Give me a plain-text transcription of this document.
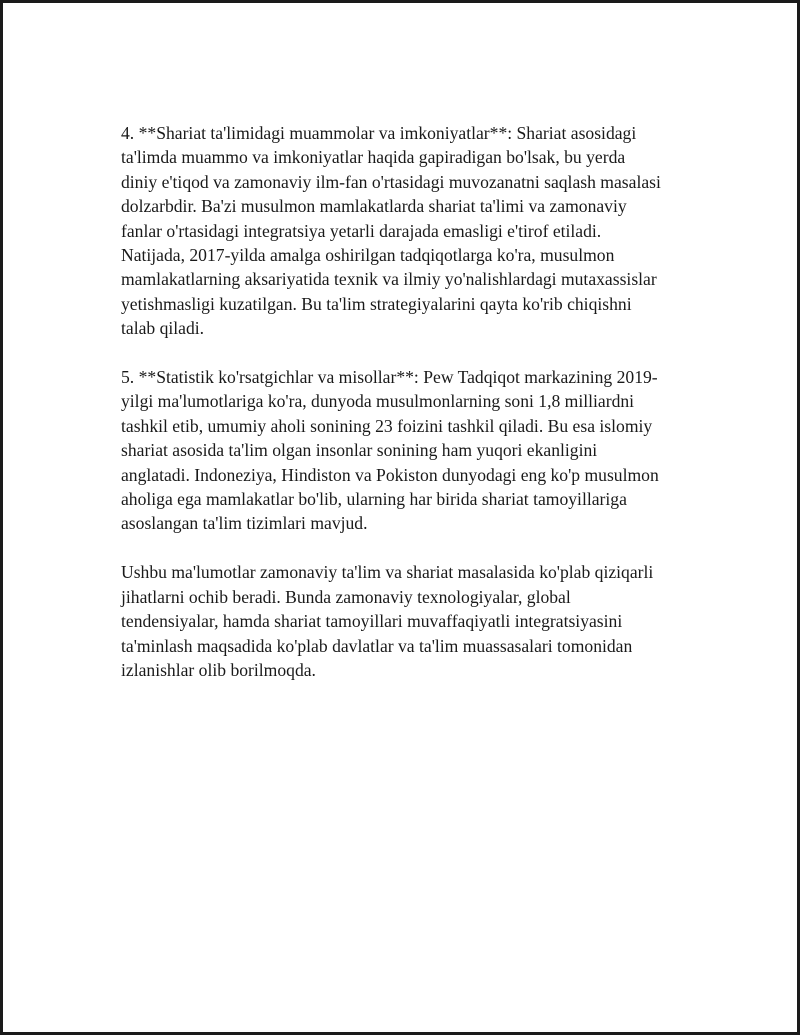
4. **Shariat ta'limidagi muammolar va imkoniyatlar**: Shariat asosidagi
ta'limda muammo va imkoniyatlar haqida gapiradigan bo'lsak, bu yerda
diniy e'tiqod va zamonaviy ilm-fan o'rtasidagi muvozanatni saqlash masalasi
dolzarbdir. Ba'zi musulmon mamlakatlarda shariat ta'limi va zamonaviy
fanlar o'rtasidagi integratsiya yetarli darajada emasligi e'tirof etiladi.
Natijada, 2017-yilda amalga oshirilgan tadqiqotlarga ko'ra, musulmon
mamlakatlarning aksariyatida texnik va ilmiy yo'nalishlardagi mutaxassislar
yetishmasligi kuzatilgan. Bu ta'lim strategiyalarini qayta ko'rib chiqishni
talab qiladi.

5. **Statistik ko'rsatgichlar va misollar**: Pew Tadqiqot markazining 2019-
yilgi ma'lumotlariga ko'ra, dunyoda musulmonlarning soni 1,8 milliardni
tashkil etib, umumiy aholi sonining 23 foizini tashkil qiladi. Bu esa islomiy
shariat asosida ta'lim olgan insonlar sonining ham yuqori ekanligini
anglatadi. Indoneziya, Hindiston va Pokiston dunyodagi eng ko'p musulmon
aholiga ega mamlakatlar bo'lib, ularning har birida shariat tamoyillariga
asoslangan ta'lim tizimlari mavjud.

Ushbu ma'lumotlar zamonaviy ta'lim va shariat masalasida ko'plab qiziqarli
jihatlarni ochib beradi. Bunda zamonaviy texnologiyalar, global
tendensiyalar, hamda shariat tamoyillari muvaffaqiyatli integratsiyasini
ta'minlash maqsadida ko'plab davlatlar va ta'lim muassasalari tomonidan
izlanishlar olib borilmoqda.
